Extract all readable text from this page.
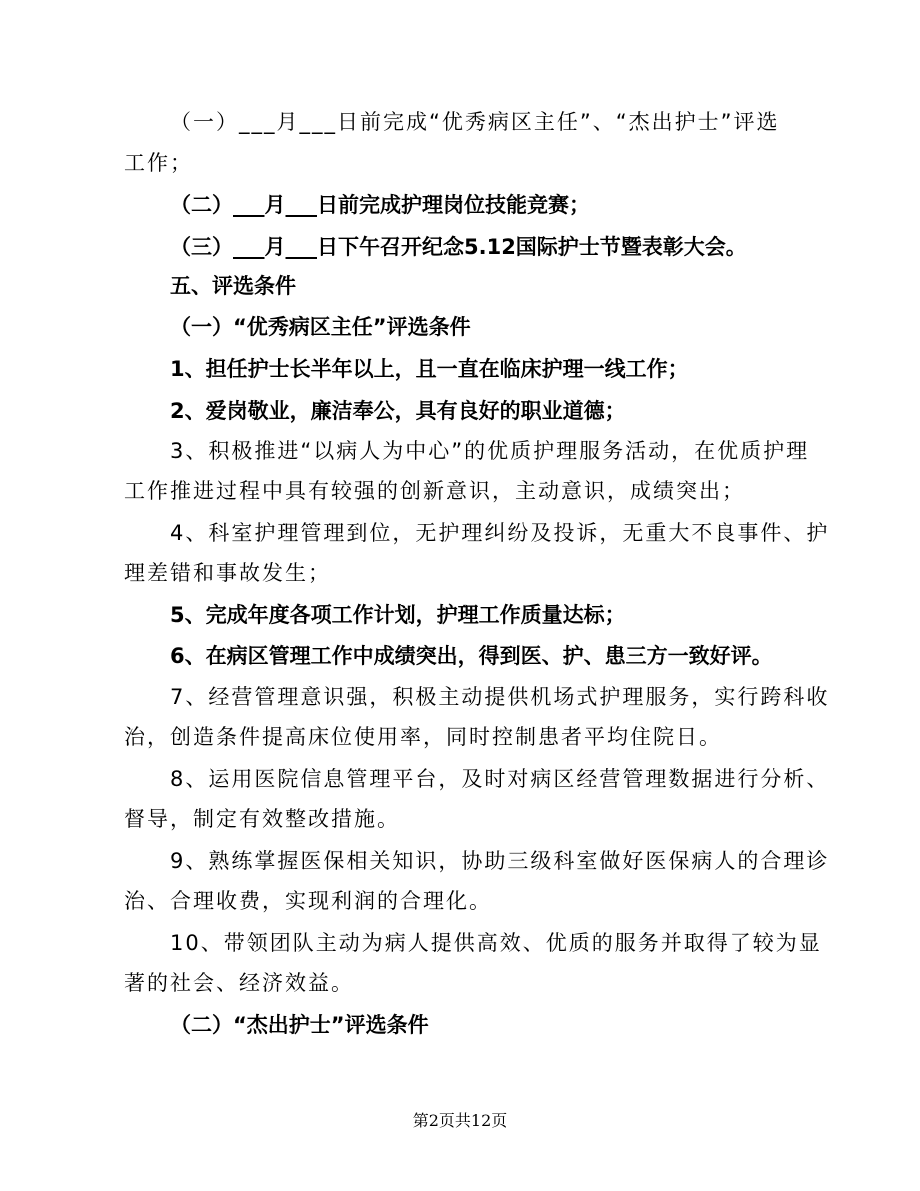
（一）___月___日前完成“优秀病区主任”、“杰出护士”评选
工作；
（二）___月___日前完成护理岗位技能竞赛；
（三）___月___日下午召开纪念5.12国际护士节暨表彰大会。
五、评选条件
（一）“优秀病区主任”评选条件
1、担任护士长半年以上，且一直在临床护理一线工作；
2、爱岗敬业，廉洁奉公，具有良好的职业道德；
3、积极推进“以病人为中心”的优质护理服务活动，在优质护理
工作推进过程中具有较强的创新意识，主动意识，成绩突出；
4、科室护理管理到位，无护理纠纷及投诉，无重大不良事件、护
理差错和事故发生；
5、完成年度各项工作计划，护理工作质量达标；
6、在病区管理工作中成绩突出，得到医、护、患三方一致好评。
7、经营管理意识强，积极主动提供机场式护理服务，实行跨科收
治，创造条件提高床位使用率，同时控制患者平均住院日。
8、运用医院信息管理平台，及时对病区经营管理数据进行分析、
督导，制定有效整改措施。
9、熟练掌握医保相关知识，协助三级科室做好医保病人的合理诊
治、合理收费，实现利润的合理化。
10、带领团队主动为病人提供高效、优质的服务并取得了较为显
著的社会、经济效益。
（二）“杰出护士”评选条件
第2页共12页
